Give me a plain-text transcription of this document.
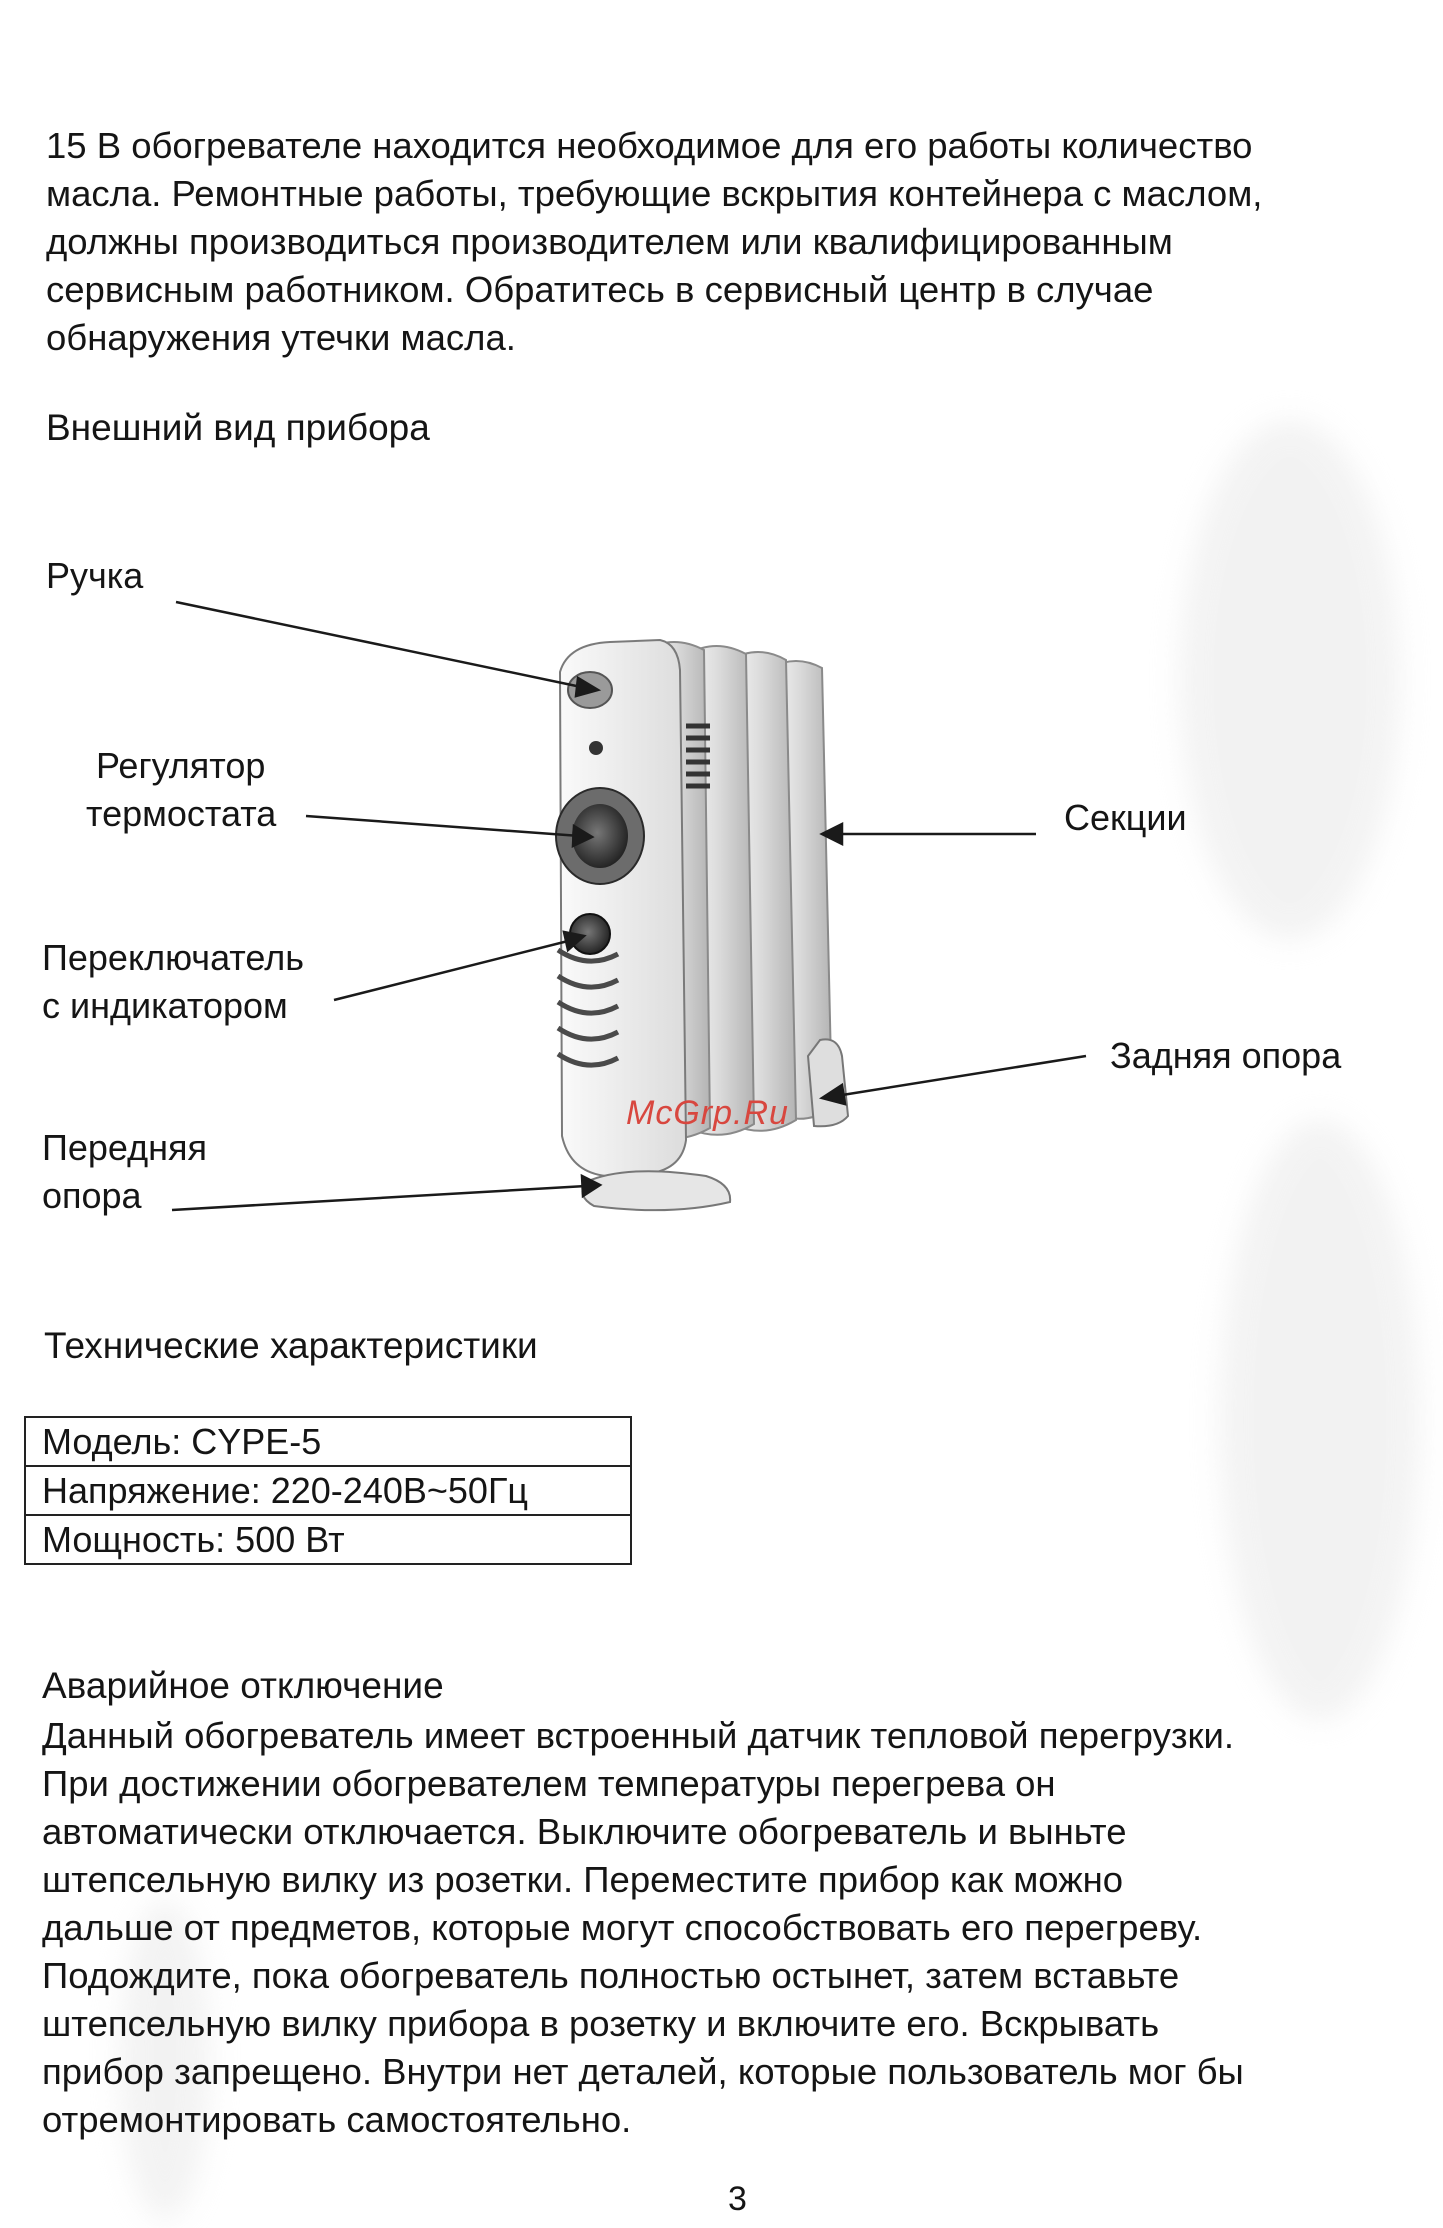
15 В обогревателе находится необходимое для его работы количество
масла. Ремонтные работы, требующие вскрытия контейнера с маслом,
должны производиться производителем или квалифицированным
сервисным работником. Обратитесь в сервисный центр в случае
обнаружения утечки масла.
Внешний вид прибора
McGrp.Ru
Ручка
Регулятор
термостата
Переключатель
с индикатором
Передняя
опора
Секции
Задняя опора
Технические характеристики
Модель: CYPE-5
Напряжение: 220-240В~50Гц
Мощность: 500 Вт
Аварийное отключение
Данный обогреватель имеет встроенный датчик тепловой перегрузки.
При достижении обогревателем температуры перегрева он
автоматически отключается. Выключите обогреватель и выньте
штепсельную вилку из розетки. Переместите прибор как можно
дальше от предметов, которые могут способствовать его перегреву.
Подождите, пока обогреватель полностью остынет, затем вставьте
штепсельную вилку прибора в розетку и включите его. Вскрывать
прибор запрещено. Внутри нет деталей, которые пользователь мог бы
отремонтировать самостоятельно.
3
